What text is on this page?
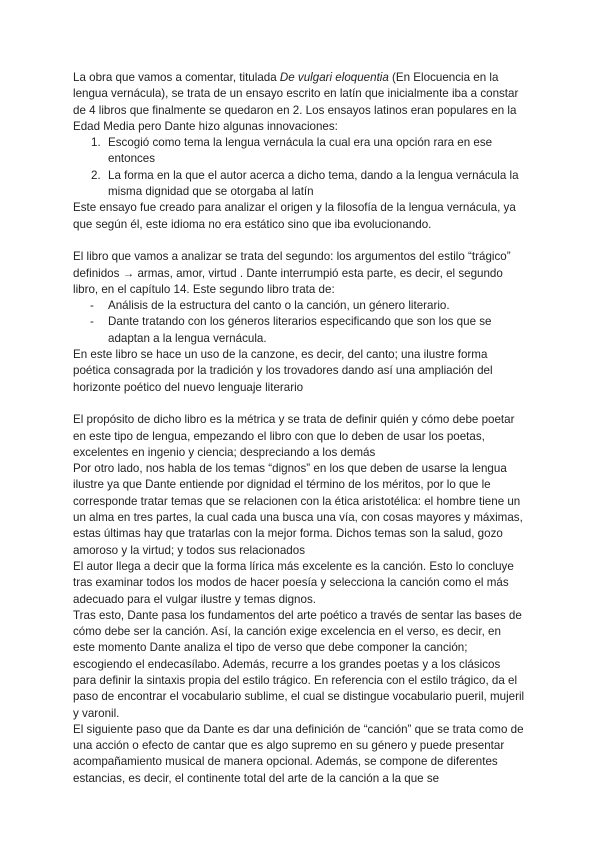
La obra que vamos a comentar, titulada De vulgari eloquentia (En Elocuencia en la lengua vernácula), se trata de un ensayo escrito en latín que inicialmente iba a constar de 4 libros que finalmente se quedaron en 2. Los ensayos latinos eran populares en la Edad Media pero Dante hizo algunas innovaciones:

1. Escogió como tema la lengua vernácula la cual era una opción rara en ese entonces
2. La forma en la que el autor acerca a dicho tema, dando a la lengua vernácula la misma dignidad que se otorgaba al latín

Este ensayo fue creado para analizar el origen y la filosofía de la lengua vernácula, ya que según él, este idioma no era estático sino que iba evolucionando.

El libro que vamos a analizar se trata del segundo: los argumentos del estilo “trágico” definidos → armas, amor, virtud . Dante interrumpió esta parte, es decir, el segundo libro, en el capítulo 14. Este segundo libro trata de:

- Análisis de la estructura del canto o la canción, un género literario.
- Dante tratando con los géneros literarios especificando que son los que se adaptan a la lengua vernácula.

En este libro se hace un uso de la canzone, es decir, del canto; una ilustre forma poética consagrada por la tradición y los trovadores dando así una ampliación del horizonte poético del nuevo lenguaje literario

El propósito de dicho libro es la métrica y se trata de definir quién y cómo debe poetar en este tipo de lengua, empezando el libro con que lo deben de usar los poetas, excelentes en ingenio y ciencia; despreciando a los demás

Por otro lado, nos habla de los temas “dignos” en los que deben de usarse la lengua ilustre ya que Dante entiende por dignidad el término de los méritos, por lo que le corresponde tratar temas que se relacionen con la ética aristotélica: el hombre tiene un un alma en tres partes, la cual cada una busca una vía, con cosas mayores y máximas, estas últimas hay que tratarlas con la mejor forma. Dichos temas son la salud, gozo amoroso y la virtud; y todos sus relacionados

El autor llega a decir que la forma lírica más excelente es la canción. Esto lo concluye tras examinar todos los modos de hacer poesía y selecciona la canción como el más adecuado para el vulgar ilustre y temas dignos.

Tras esto, Dante pasa los fundamentos del arte poético a través de sentar las bases de cómo debe ser la canción. Así, la canción exige excelencia en el verso, es decir, en este momento Dante analiza el tipo de verso que debe componer la canción; escogiendo el endecasílabo. Además, recurre a los grandes poetas y a los clásicos para definir la sintaxis propia del estilo trágico. En referencia con el estilo trágico, da el paso de encontrar el vocabulario sublime, el cual se distingue vocabulario pueril, mujeril y varonil.

El siguiente paso que da Dante es dar una definición de “canción” que se trata como de una acción o efecto de cantar que es algo supremo en su género y puede presentar acompañamiento musical de manera opcional. Además, se compone de diferentes estancias, es decir, el continente total del arte de la canción a la que se
